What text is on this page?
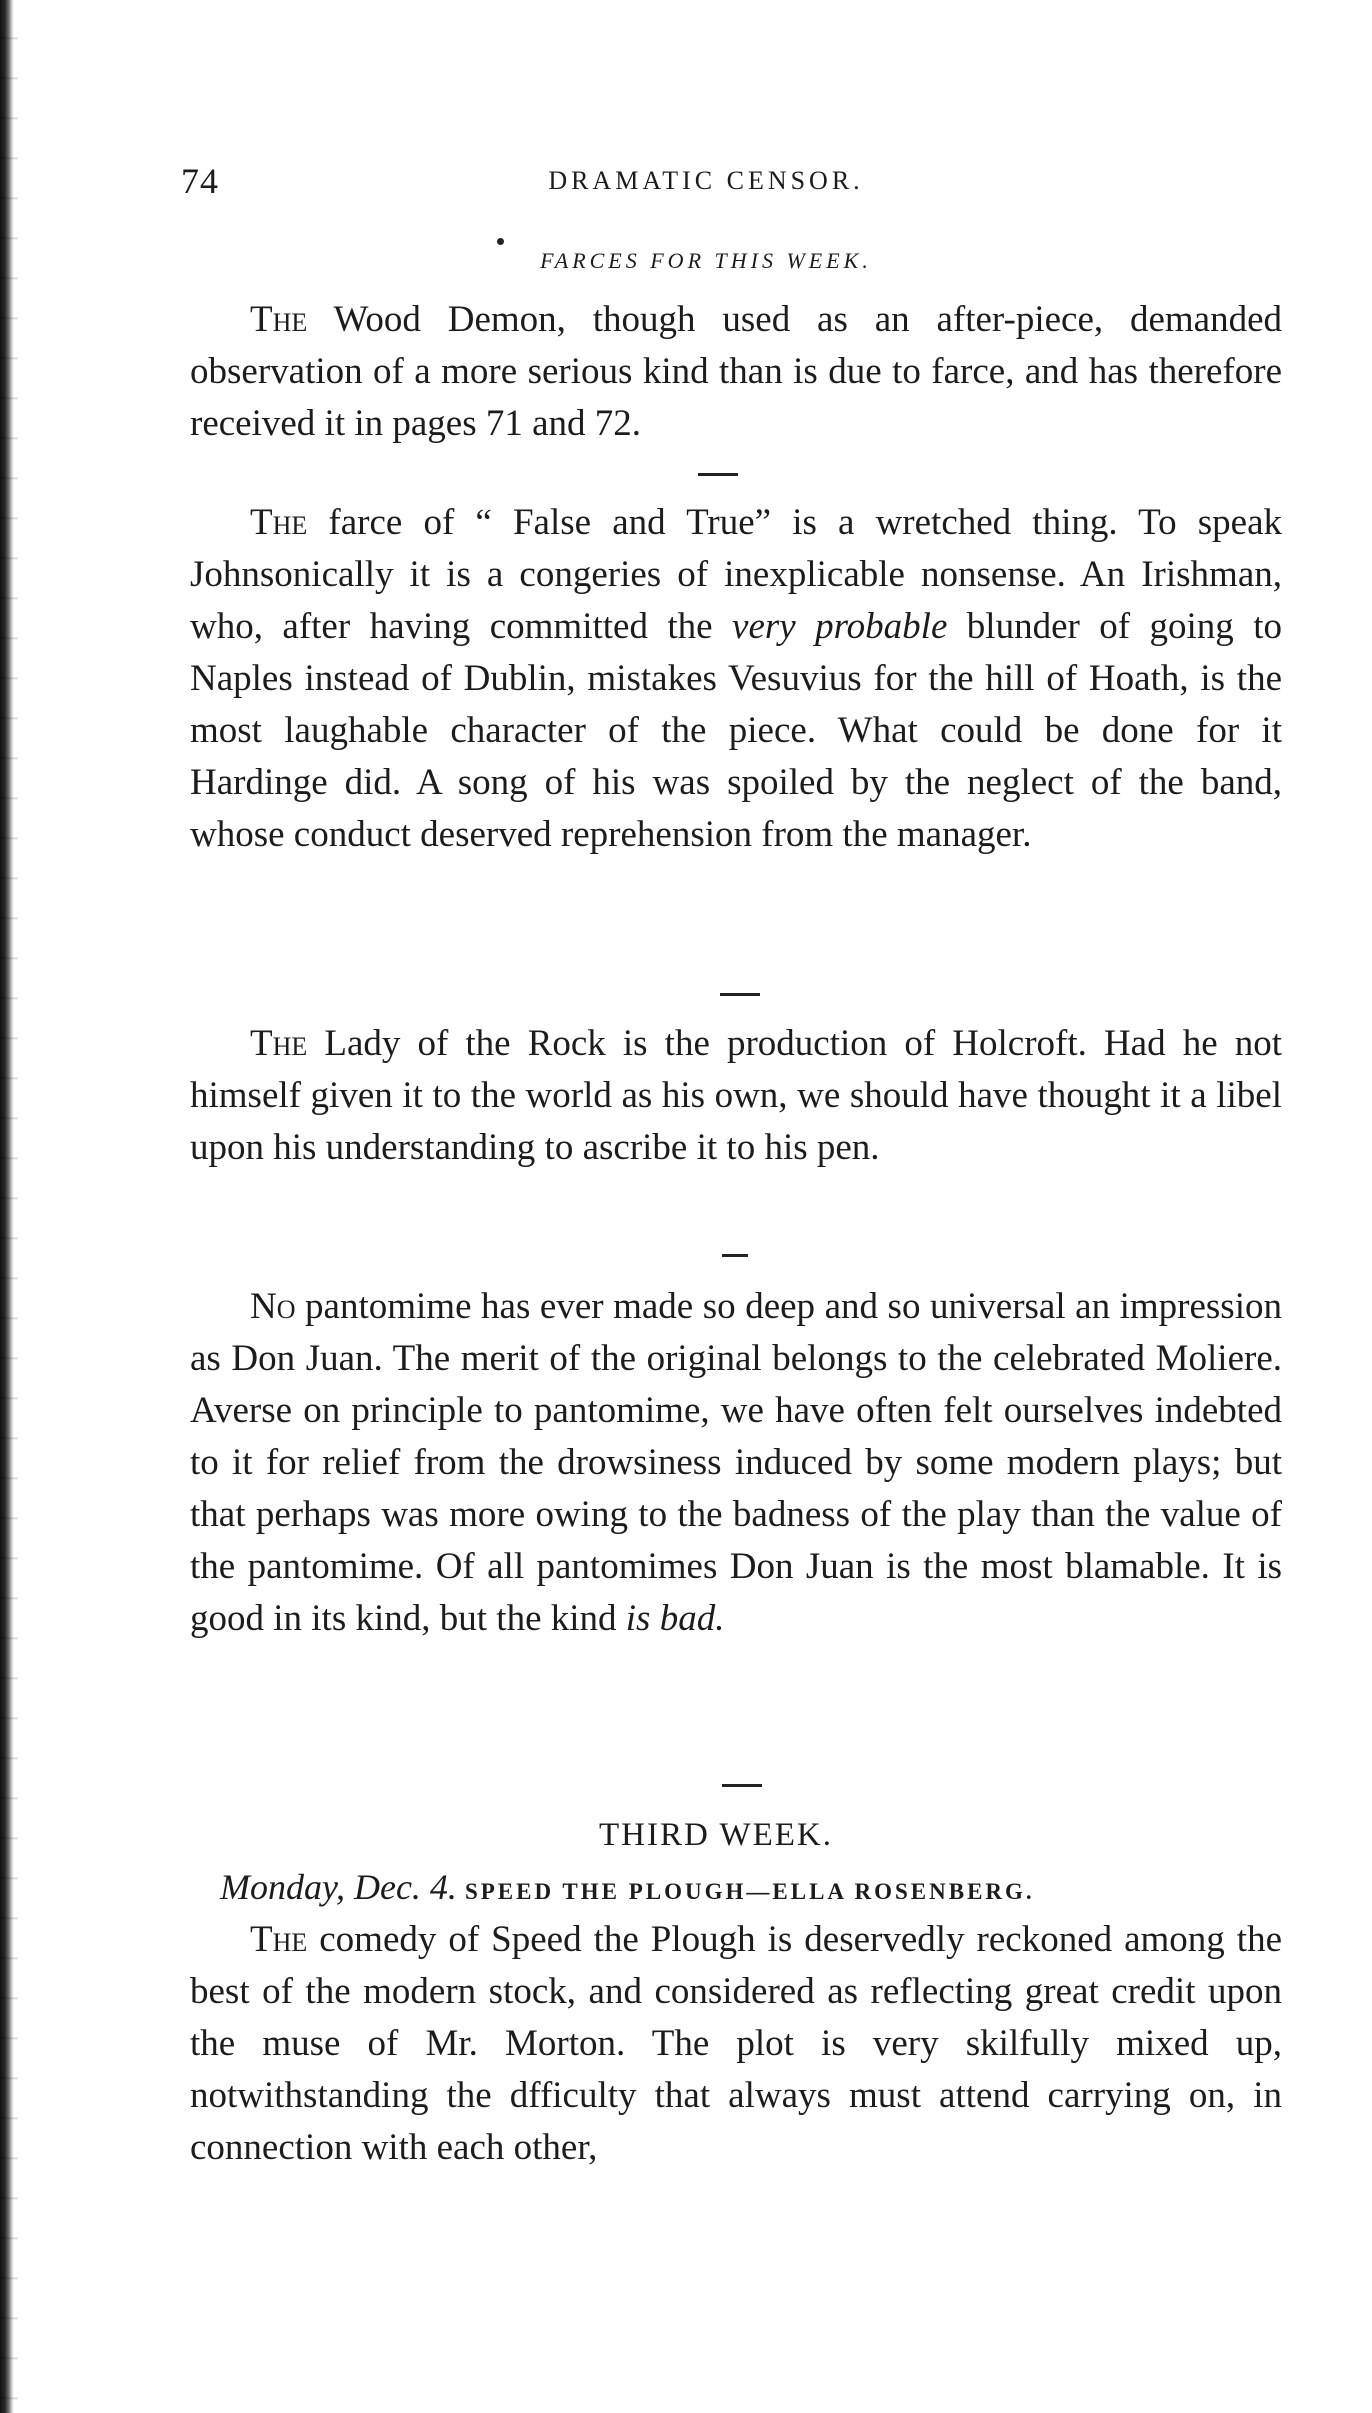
74	DRAMATIC CENSOR.
FARCES FOR THIS WEEK.

The Wood Demon, though used as an after-piece, demanded observation of a more serious kind than is due to farce, and has therefore received it in pages 71 and 72.

The farce of “ False and True” is a wretched thing. To speak Johnsonically it is a congeries of inexplicable nonsense. An Irishman, who, after having committed the very probable blunder of going to Naples instead of Dublin, mistakes Vesuvius for the hill of Hoath, is the most laughable character of the piece. What could be done for it Hardinge did. A song of his was spoiled by the neglect of the band, whose conduct deserved reprehension from the manager.

The Lady of the Rock is the production of Holcroft. Had he not himself given it to the world as his own, we should have thought it a libel upon his understanding to ascribe it to his pen.

No pantomime has ever made so deep and so universal an impression as Don Juan. The merit of the original belongs to the celebrated Moliere. Averse on principle to pantomime, we have often felt ourselves indebted to it for relief from the drowsiness induced by some modern plays; but that perhaps was more owing to the badness of the play than the value of the pantomime. Of all pantomimes Don Juan is the most blamable. It is good in its kind, but the kind is bad.

THIRD WEEK.
Monday, Dec. 4. SPEED THE PLOUGH—ELLA ROSENBERG.

The comedy of Speed the Plough is deservedly reckoned among the best of the modern stock, and considered as reflecting great credit upon the muse of Mr. Morton. The plot is very skilfully mixed up, notwithstanding the dfficulty that always must attend carrying on, in connection with each other,
